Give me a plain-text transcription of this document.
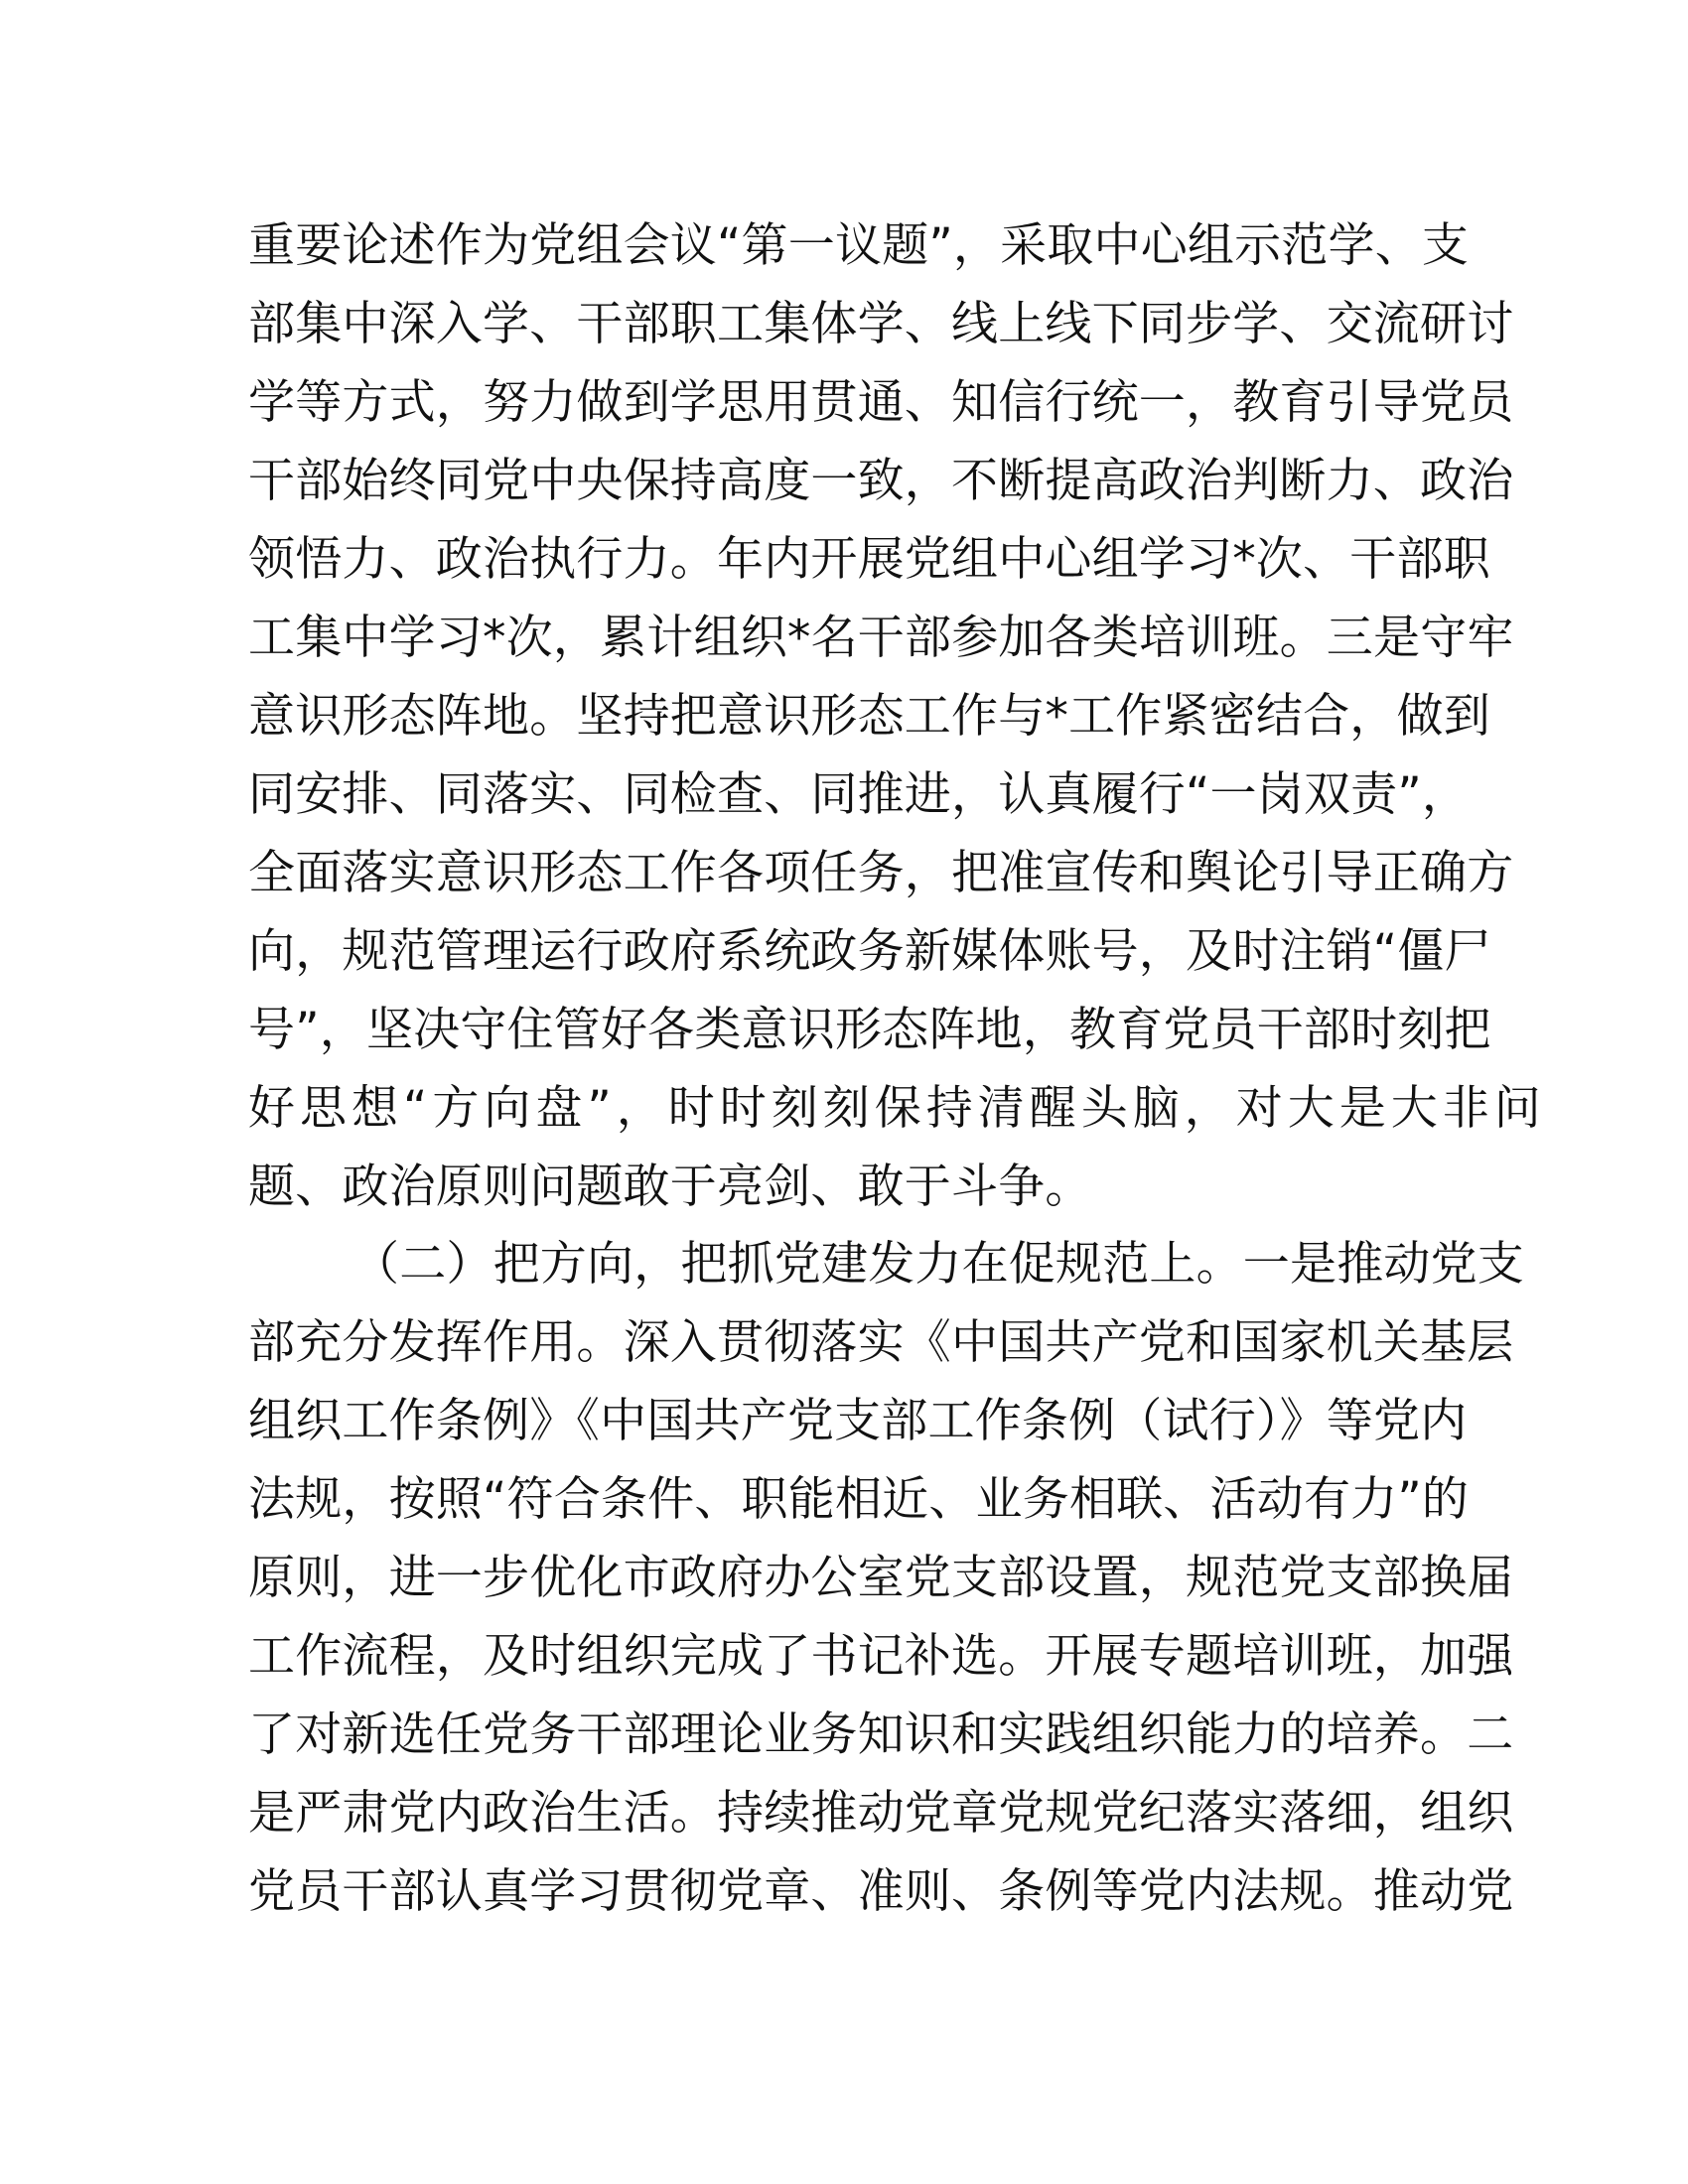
重要论述作为党组会议“第一议题”，采取中心组示范学、支

部集中深入学、干部职工集体学、线上线下同步学、交流研讨

学等方式，努力做到学思用贯通、知信行统一，教育引导党员

干部始终同党中央保持高度一致，不断提高政治判断力、政治

领悟力、政治执行力。年内开展党组中心组学习*次、干部职

工集中学习*次，累计组织*名干部参加各类培训班。三是守牢

意识形态阵地。坚持把意识形态工作与*工作紧密结合，做到

同安排、同落实、同检查、同推进，认真履行“一岗双责”，

全面落实意识形态工作各项任务，把准宣传和舆论引导正确方

向，规范管理运行政府系统政务新媒体账号，及时注销“僵尸

号”，坚决守住管好各类意识形态阵地，教育党员干部时刻把

好思想“方向盘”，时时刻刻保持清醒头脑，对大是大非问

题、政治原则问题敢于亮剑、敢于斗争。

（二）把方向，把抓党建发力在促规范上。一是推动党支

部充分发挥作用。深入贯彻落实《中国共产党和国家机关基层

组织工作条例》《中国共产党支部工作条例（试行）》等党内

法规，按照“符合条件、职能相近、业务相联、活动有力”的

原则，进一步优化市政府办公室党支部设置，规范党支部换届

工作流程，及时组织完成了书记补选。开展专题培训班，加强

了对新选任党务干部理论业务知识和实践组织能力的培养。二

是严肃党内政治生活。持续推动党章党规党纪落实落细，组织

党员干部认真学习贯彻党章、准则、条例等党内法规。推动党
